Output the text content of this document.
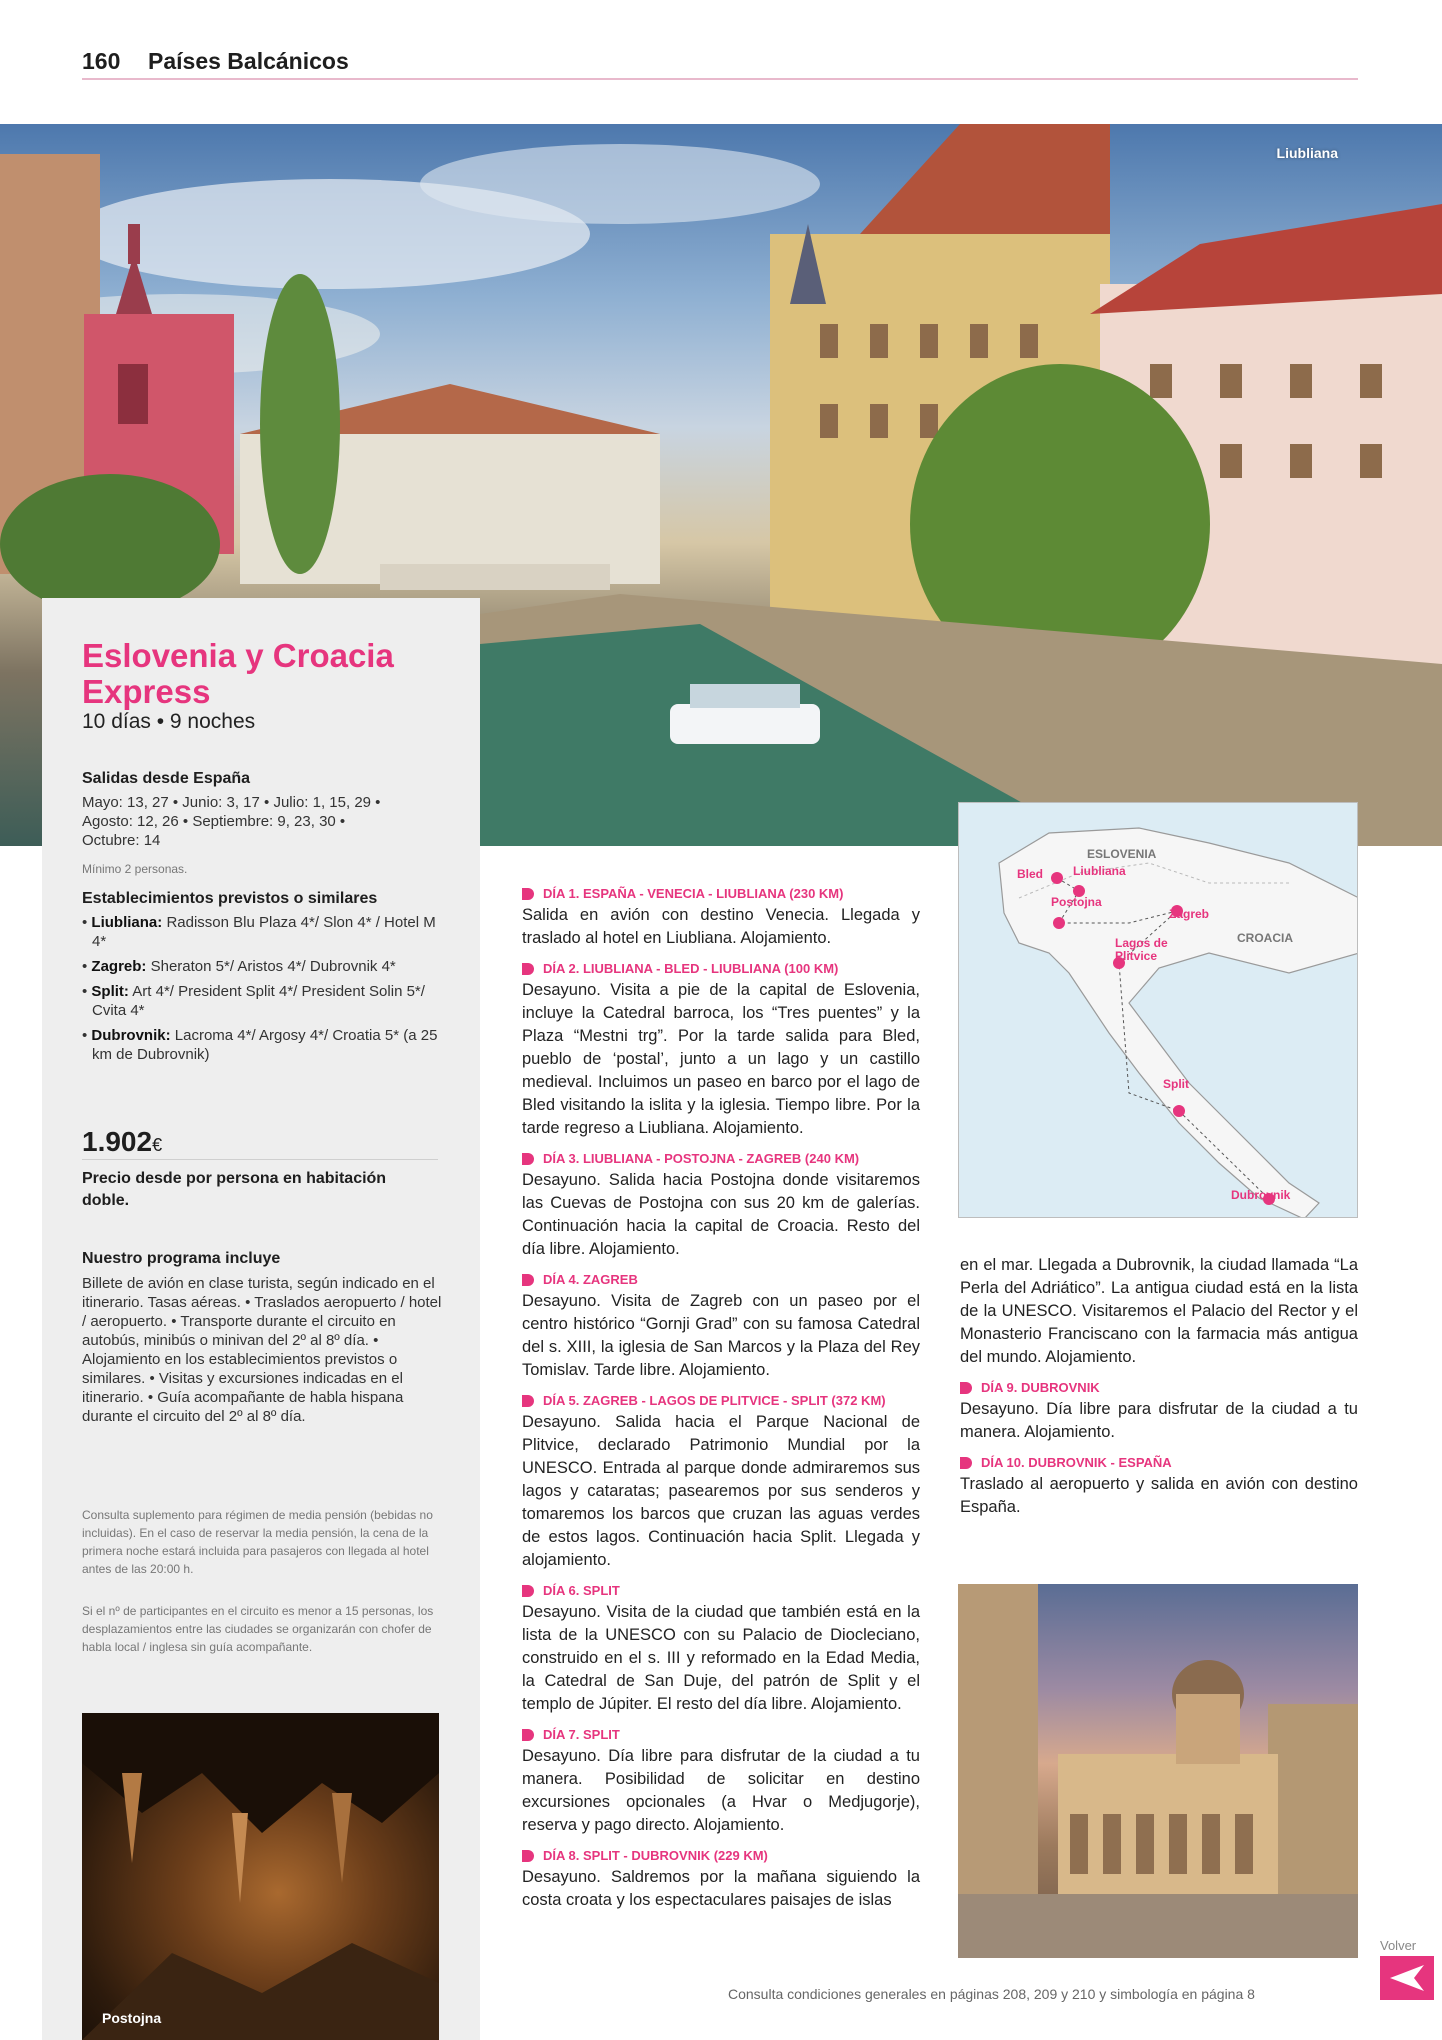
160 Países Balcánicos
Liubliana
Eslovenia y Croacia Express
10 días • 9 noches
Salidas desde España
Mayo: 13, 27 • Junio: 3, 17 • Julio: 1, 15, 29 • Agosto: 12, 26 • Septiembre: 9, 23, 30 • Octubre: 14
Mínimo 2 personas.
Establecimientos previstos o similares
• Liubliana: Radisson Blu Plaza 4*/ Slon 4* / Hotel M 4*
• Zagreb: Sheraton 5*/ Aristos 4*/ Dubrovnik 4*
• Split: Art 4*/ President Split 4*/ President Solin 5*/ Cvita 4*
• Dubrovnik: Lacroma 4*/ Argosy 4*/ Croatia 5* (a 25 km de Dubrovnik)
1.902€
Precio desde por persona en habitación doble.
Nuestro programa incluye
Billete de avión en clase turista, según indicado en el itinerario. Tasas aéreas. • Traslados aeropuerto / hotel / aeropuerto. • Transporte durante el circuito en autobús, minibús o minivan del 2º al 8º día. • Alojamiento en los establecimientos previstos o similares. • Visitas y excursiones indicadas en el itinerario. • Guía acompañante de habla hispana durante el circuito del 2º al 8º día.
Consulta suplemento para régimen de media pensión (bebidas no incluidas). En el caso de reservar la media pensión, la cena de la primera noche estará incluida para pasajeros con llegada al hotel antes de las 20:00 h.
Si el nº de participantes en el circuito es menor a 15 personas, los desplazamientos entre las ciudades se organizarán con chofer de habla local / inglesa sin guía acompañante.
Postojna
DÍA 1. ESPAÑA - VENECIA - LIUBLIANA (230 KM)

Salida en avión con destino Venecia. Llegada y traslado al hotel en Liubliana. Alojamiento.

DÍA 2. LIUBLIANA - BLED - LIUBLIANA (100 KM)

Desayuno. Visita a pie de la capital de Eslovenia, incluye la Catedral barroca, los “Tres puentes” y la Plaza “Mestni trg”. Por la tarde salida para Bled, pueblo de ‘postal’, junto a un lago y un castillo medieval. Incluimos un paseo en barco por el lago de Bled visitando la islita y la iglesia. Tiempo libre. Por la tarde regreso a Liubliana. Alojamiento.

DÍA 3. LIUBLIANA - POSTOJNA - ZAGREB (240 KM)

Desayuno. Salida hacia Postojna donde visitaremos las Cuevas de Postojna con sus 20 km de galerías. Continuación hacia la capital de Croacia. Resto del día libre. Alojamiento.

DÍA 4. ZAGREB

Desayuno. Visita de Zagreb con un paseo por el centro histórico “Gornji Grad” con su famosa Catedral del s. XIII, la iglesia de San Marcos y la Plaza del Rey Tomislav. Tarde libre. Alojamiento.

DÍA 5. ZAGREB - LAGOS DE PLITVICE - SPLIT (372 KM)

Desayuno. Salida hacia el Parque Nacional de Plitvice, declarado Patrimonio Mundial por la UNESCO. Entrada al parque donde admiraremos sus lagos y cataratas; pasearemos por sus senderos y tomaremos los barcos que cruzan las aguas verdes de estos lagos. Continuación hacia Split. Llegada y alojamiento.

DÍA 6. SPLIT

Desayuno. Visita de la ciudad que también está en la lista de la UNESCO con su Palacio de Diocleciano, construido en el s. III y reformado en la Edad Media, la Catedral de San Duje, del patrón de Split y el templo de Júpiter. El resto del día libre. Alojamiento.

DÍA 7. SPLIT

Desayuno. Día libre para disfrutar de la ciudad a tu manera. Posibilidad de solicitar en destino excursiones opcionales (a Hvar o Medjugorje), reserva y pago directo. Alojamiento.

DÍA 8. SPLIT - DUBROVNIK (229 KM)

Desayuno. Saldremos por la mañana siguiendo la costa croata y los espectaculares paisajes de islas

ESLOVENIA
CROACIA
Bled Liubliana
Postojna
Zagreb
Lagos de Plitvice
Split
Dubrovnik

en el mar. Llegada a Dubrovnik, la ciudad llamada “La Perla del Adriático”. La antigua ciudad está en la lista de la UNESCO. Visitaremos el Palacio del Rector y el Monasterio Franciscano con la farmacia más antigua del mundo. Alojamiento.

DÍA 9. DUBROVNIK

Desayuno. Día libre para disfrutar de la ciudad a tu manera. Alojamiento.

DÍA 10. DUBROVNIK - ESPAÑA

Traslado al aeropuerto y salida en avión con destino España.

Consulta condiciones generales en páginas 208, 209 y 210 y simbología en página 8
Volver
